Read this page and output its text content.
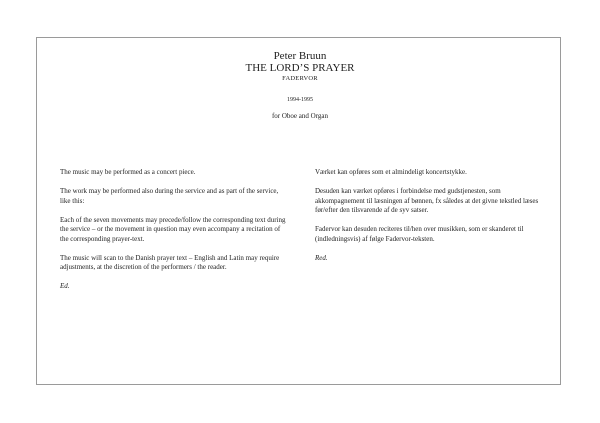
Peter Bruun
THE LORD’S PRAYER
FADERVOR
1994-1995
for Oboe and Organ

The music may be performed as a concert piece.

The work may be performed also during the service and as part of the service, like this:

Each of the seven movements may precede/follow the corresponding text during the service – or the movement in question may even accompany a recitation of the corresponding prayer-text.

The music will scan to the Danish prayer text – English and Latin may require adjustments, at the discretion of the performers / the reader.

Ed.

Værket kan opføres som et almindeligt koncertstykke.

Desuden kan værket opføres i forbindelse med gudstjenesten, som akkompagnement til læsningen af bønnen, fx således at det givne tekstled læses før/efter den tilsvarende af de syv satser.

Fadervor kan desuden reciteres til/hen over musikken, som er skanderet til (indledningsvis) af følge Fadervor-teksten.

Red.
